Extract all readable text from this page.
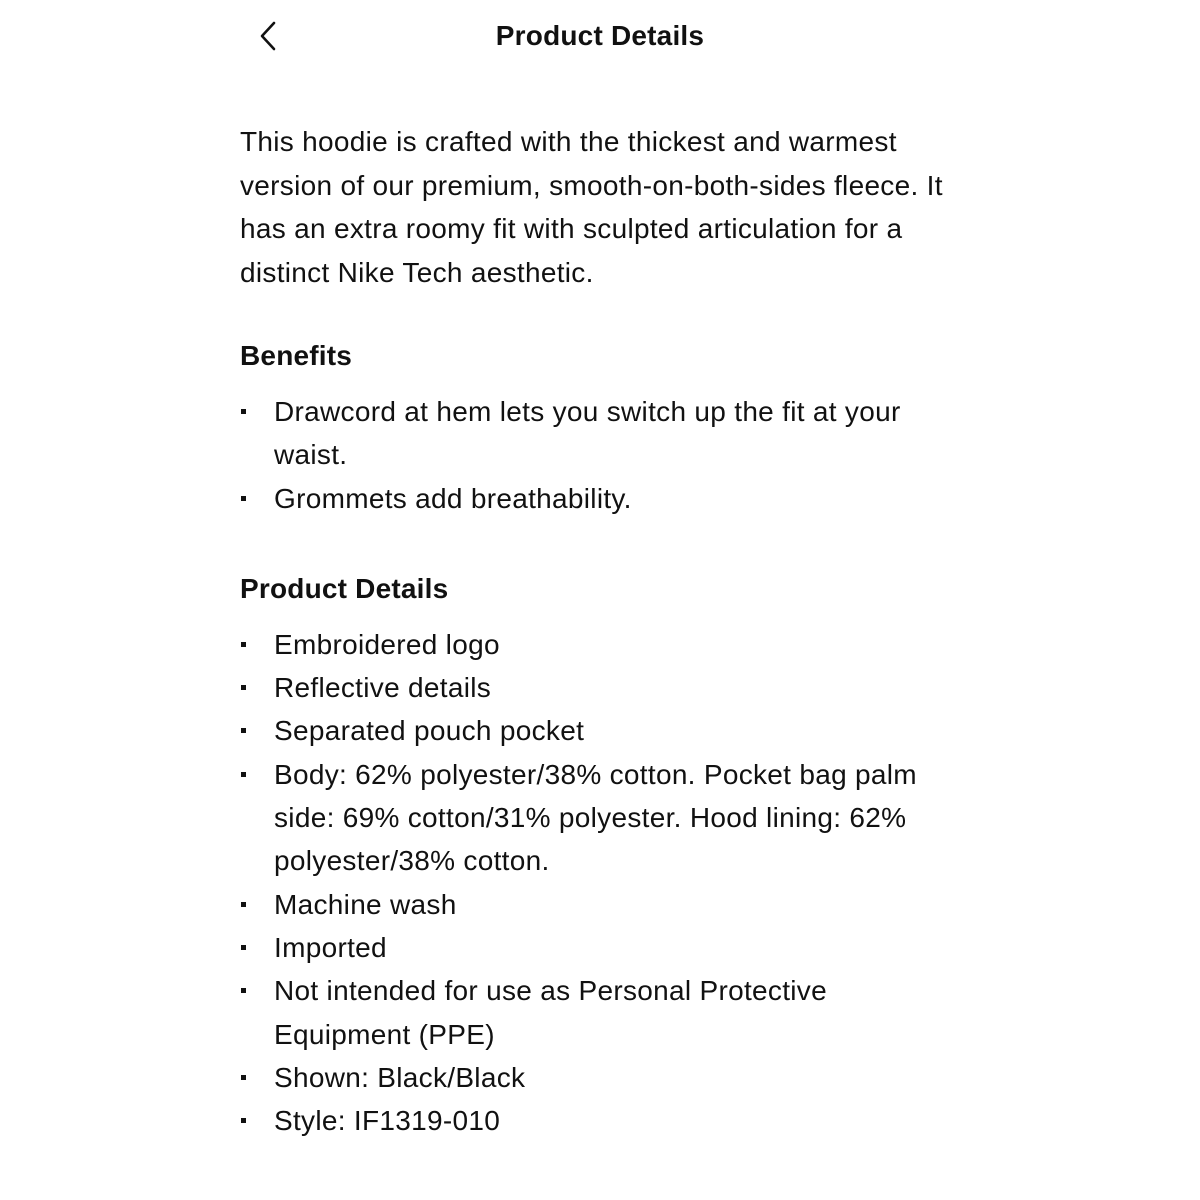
Product Details

This hoodie is crafted with the thickest and warmest version of our premium, smooth-on-both-sides fleece. It has an extra roomy fit with sculpted articulation for a distinct Nike Tech aesthetic.

Benefits
Drawcord at hem lets you switch up the fit at your waist.
Grommets add breathability.
Product Details
Embroidered logo
Reflective details
Separated pouch pocket
Body: 62% polyester/38% cotton. Pocket bag palm side: 69% cotton/31% polyester. Hood lining: 62% polyester/38% cotton.
Machine wash
Imported
Not intended for use as Personal Protective Equipment (PPE)
Shown: Black/Black
Style: IF1319-010
